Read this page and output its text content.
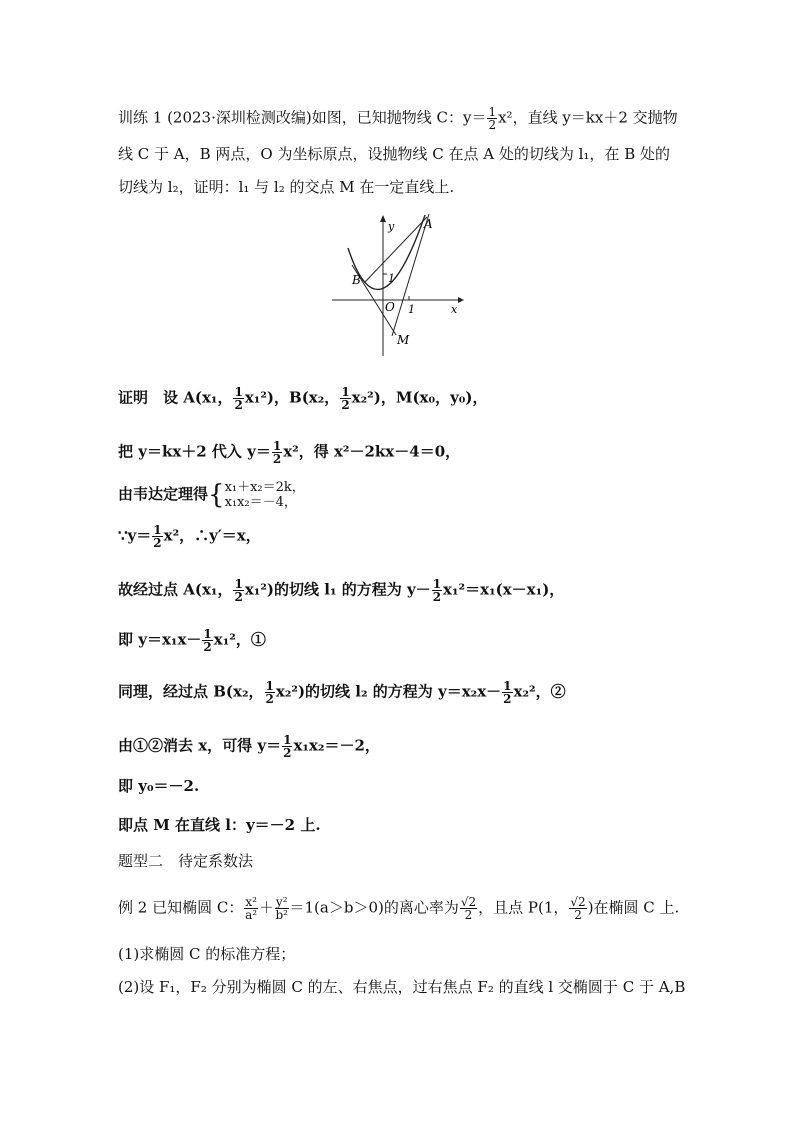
训练 1 (2023·深圳检测改编)如图，已知抛物线 C：$y= \frac{1}{2} x^2$，直线 y＝kx＋2 交抛物
线 C 于 A，B 两点，O 为坐标原点，设抛物线 C 在点 A 处的切线为 l₁，在 B 处的
切线为 l₂，证明：l₁ 与 l₂ 的交点 M 在一定直线上.
y
x
A
B
O
M
1
1
证明　设 A(x₁， $\frac{1}{2} x_1^2$)，B(x₂， $\frac{1}{2} x_2^2$)，M(x₀，y₀)，
把 y＝kx＋2 代入 $y= \frac{1}{2} x^2$，得 x²－2kx－4＝0，
由韦达定理得{ x₁＋x₂＝2k，
x₁x₂＝－4，
∵y＝ $\frac{1}{2} x^2$，∴y′＝x，
故经过点 A(x₁， $\frac{1}{2} x_1^2$)的切线 l₁ 的方程为 $y- \frac{1}{2} x_1^2=x_1(x-x_1)$，
即 $y=x_1x- \frac{1}{2} x_1^2$，①
同理，经过点 B(x₂， $\frac{1}{2} x_2^2$)的切线 l₂ 的方程为 $y=x_2x- \frac{1}{2} x_2^2$，②
由①②消去 x，可得 $y= \frac{1}{2} x_1x_2=-2$，
即 y₀＝－2.
即点 M 在直线 l：y＝－2 上.
题型二　待定系数法
例 2 已知椭圆 C： $\frac{\text{x²}}{\text{a²}} + \frac{\text{y²}}{\text{b²}} =1(a>b>0)$的离心率为 $\frac{√2}{2}$ ，且点 P(1， $\frac{√2}{2}$ )在椭圆 C 上.
(1)求椭圆 C 的标准方程；
(2)设 F₁，F₂ 分别为椭圆 C 的左、右焦点，过右焦点 F₂ 的直线 l 交椭圆于 C 于 A,B
